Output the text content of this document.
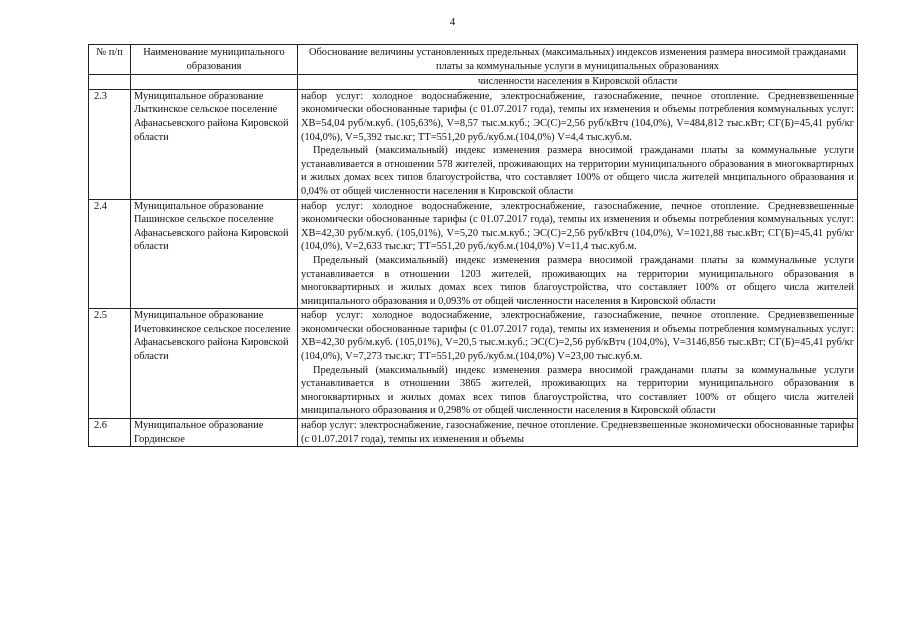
4
№ п/п	Наименование муниципального образования	Обоснование величины установленных предельных (максимальных) индексов изменения размера вносимой гражданами платы за коммунальные услуги в муниципальных образованиях
		численности населения в Кировской области
2.3	Муниципальное образование Лыткинское сельское поселение Афанасьевского района Кировской области	набор услуг: холодное водоснабжение, электроснабжение, газоснабжение, печное отопление. Средневзвешенные экономически обоснованные тарифы (с 01.07.2017 года), темпы их изменения и объемы потребления коммунальных услуг: ХВ=54,04 руб/м.куб. (105,63%), V=8,57 тыс.м.куб.; ЭС(С)=2,56 руб/кВтч (104,0%), V=484,812 тыс.кВт; СГ(Б)=45,41 руб/кг (104,0%), V=5,392 тыс.кг; ТТ=551,20 руб./куб.м.(104,0%) V=4,4 тыс.куб.м.

Предельный (максимальный) индекс изменения размера вносимой гражданами платы за коммунальные услуги устанавливается в отношении 578 жителей, проживающих на территории муниципального образования в многоквартирных и жилых домах всех типов благоустройства, что составляет 100% от общего числа жителей мнципального образования и 0,04% от общей численности населения в Кировской области

2.4	Муниципальное образование Пашинское сельское поселение Афанасьевского района Кировской области	набор услуг: холодное водоснабжение, электроснабжение, газоснабжение, печное отопление. Средневзвешенные экономически обоснованные тарифы (с 01.07.2017 года), темпы их изменения и объемы потребления коммунальных услуг: ХВ=42,30 руб/м.куб. (105,01%), V=5,20 тыс.м.куб.; ЭС(С)=2,56 руб/кВтч (104,0%), V=1021,88 тыс.кВт; СГ(Б)=45,41 руб/кг (104,0%), V=2,633 тыс.кг; ТТ=551,20 руб./куб.м.(104,0%) V=11,4 тыс.куб.м.

Предельный (максимальный) индекс изменения размера вносимой гражданами платы за коммунальные услуги устанавливается в отношении 1203 жителей, проживающих на территории муниципального образования в многоквартирных и жилых домах всех типов благоустройства, что составляет 100% от общего числа жителей мниципального образования и 0,093% от общей численности населения в Кировской области

2.5	Муниципальное образование Ичетовкинское сельское поселение Афанасьевского района Кировской области	набор услуг: холодное водоснабжение, электроснабжение, газоснабжение, печное отопление. Средневзвешенные экономически обоснованные тарифы (с 01.07.2017 года), темпы их изменения и объемы потребления коммунальных услуг: ХВ=42,30 руб/м.куб. (105,01%), V=20,5 тыс.м.куб.; ЭС(С)=2,56 руб/кВтч (104,0%), V=3146,856 тыс.кВт; СГ(Б)=45,41 руб/кг (104,0%), V=7,273 тыс.кг; ТТ=551,20 руб./куб.м.(104,0%) V=23,00 тыс.куб.м.

Предельный (максимальный) индекс изменения размера вносимой гражданами платы за коммунальные услуги устанавливается в отношении 3865 жителей, проживающих на территории муниципального образования в многоквартирных и жилых домах всех типов благоустройства, что составляет 100% от общего числа жителей мниципального образования и 0,298% от общей численности населения в Кировской области

2.6	Муниципальное образование Гординское	набор услуг: электроснабжение, газоснабжение, печное отопление. Средневзвешенные экономически обоснованные тарифы (с 01.07.2017 года), темпы их изменения и объемы
